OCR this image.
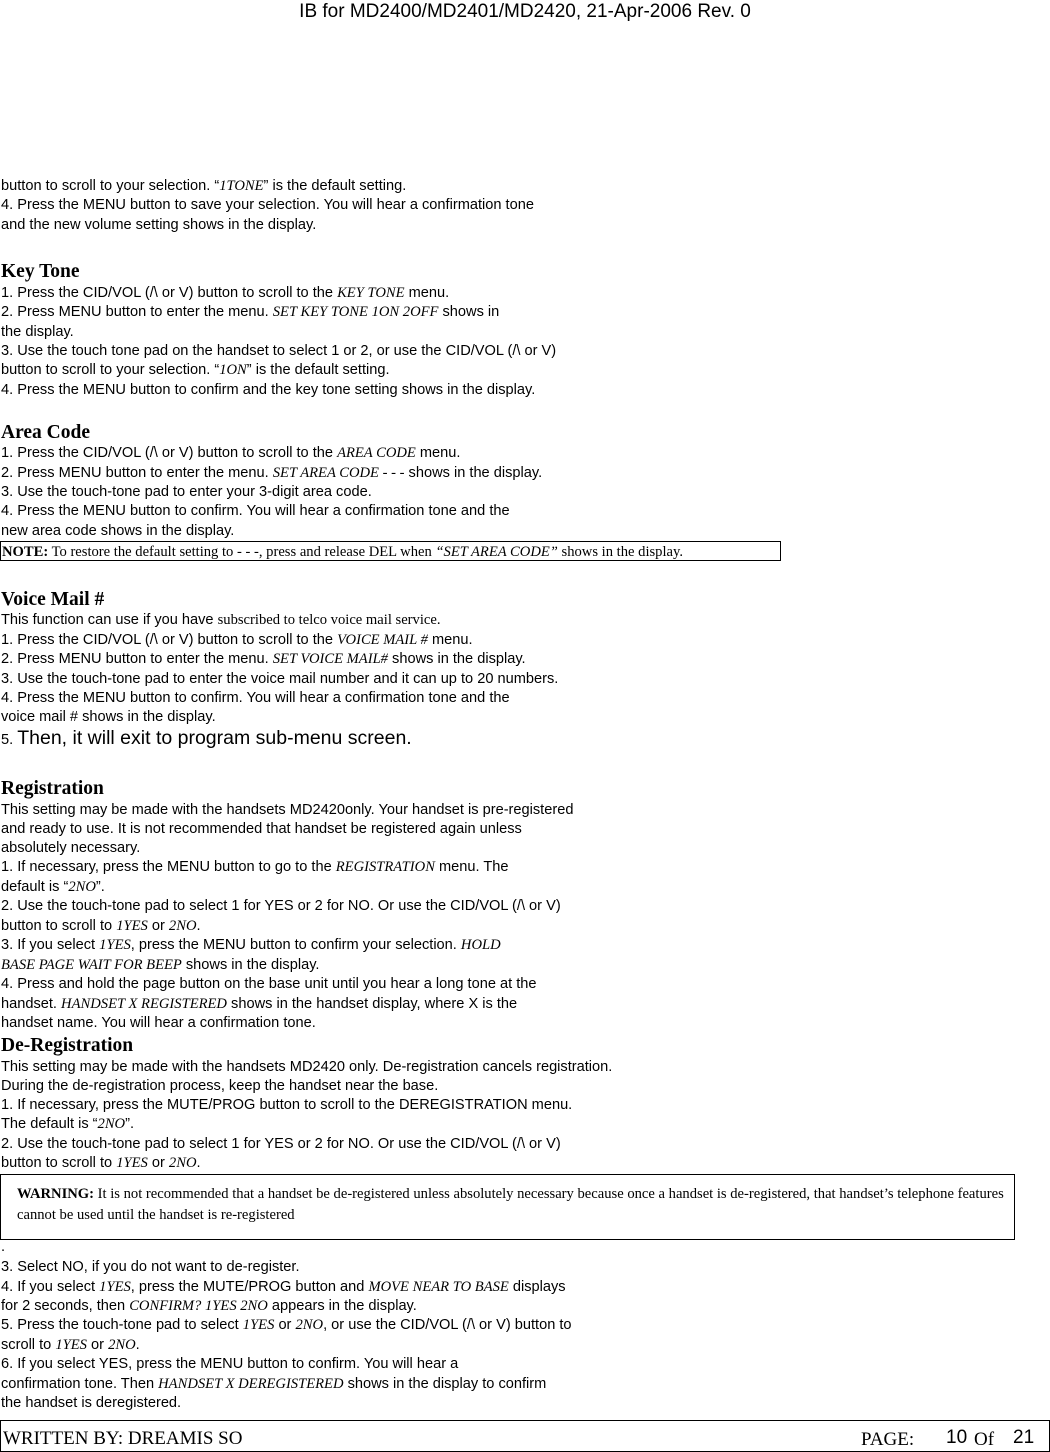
IB for MD2400/MD2401/MD2420, 21-Apr-2006 Rev. 0
button to scroll to your selection. “1TONE” is the default setting.
4. Press the MENU button to save your selection. You will hear a confirmation tone
and the new volume setting shows in the display.
Key Tone
1. Press the CID/VOL (/\ or V) button to scroll to the KEY TONE menu.
2. Press MENU button to enter the menu. SET KEY TONE 1ON 2OFF shows in
the display.
3. Use the touch tone pad on the handset to select 1 or 2, or use the CID/VOL (/\ or V)
button to scroll to your selection. “1ON” is the default setting.
4. Press the MENU button to confirm and the key tone setting shows in the display.
Area Code
1. Press the CID/VOL (/\ or V) button to scroll to the AREA CODE menu.
2. Press MENU button to enter the menu. SET AREA CODE - - - shows in the display.
3. Use the touch-tone pad to enter your 3-digit area code.
4. Press the MENU button to confirm. You will hear a confirmation tone and the
new area code shows in the display.
NOTE: To restore the default setting to - - -, press and release DEL when “SET AREA CODE” shows in the display.
Voice Mail #
This function can use if you have subscribed to telco voice mail service.
1. Press the CID/VOL (/\ or V) button to scroll to the VOICE MAIL # menu.
2. Press MENU button to enter the menu. SET VOICE MAIL# shows in the display.
3. Use the touch-tone pad to enter the voice mail number and it can up to 20 numbers.
4. Press the MENU button to confirm. You will hear a confirmation tone and the
voice mail # shows in the display.
5. Then, it will exit to program sub-menu screen.
Registration
This setting may be made with the handsets MD2420only. Your handset is pre-registered
and ready to use. It is not recommended that handset be registered again unless
absolutely necessary.
1. If necessary, press the MENU button to go to the REGISTRATION menu. The
default is “2NO”.
2. Use the touch-tone pad to select 1 for YES or 2 for NO. Or use the CID/VOL (/\ or V)
button to scroll to 1YES or 2NO.
3. If you select 1YES, press the MENU button to confirm your selection. HOLD
BASE PAGE WAIT FOR BEEP shows in the display.
4. Press and hold the page button on the base unit until you hear a long tone at the
handset. HANDSET X REGISTERED shows in the handset display, where X is the
handset name. You will hear a confirmation tone.
De-Registration
This setting may be made with the handsets MD2420 only. De-registration cancels registration.
During the de-registration process, keep the handset near the base.
1. If necessary, press the MUTE/PROG button to scroll to the DEREGISTRATION menu.
The default is “2NO”.
2. Use the touch-tone pad to select 1 for YES or 2 for NO. Or use the CID/VOL (/\ or V)
button to scroll to 1YES or 2NO.
WARNING: It is not recommended that a handset be de-registered unless absolutely necessary because once a handset is de-registered, that handset’s telephone features cannot be used until the handset is re-registered
.
3. Select NO, if you do not want to de-register.
4. If you select 1YES, press the MUTE/PROG button and MOVE NEAR TO BASE displays
for 2 seconds, then CONFIRM? 1YES 2NO appears in the display.
5. Press the touch-tone pad to select 1YES or 2NO, or use the CID/VOL (/\ or V) button to
scroll to 1YES or 2NO.
6. If you select YES, press the MENU button to confirm. You will hear a
confirmation tone. Then HANDSET X DEREGISTERED shows in the display to confirm
the handset is deregistered.
WRITTEN BY: DREAMIS SO	PAGE: 10 Of 21
